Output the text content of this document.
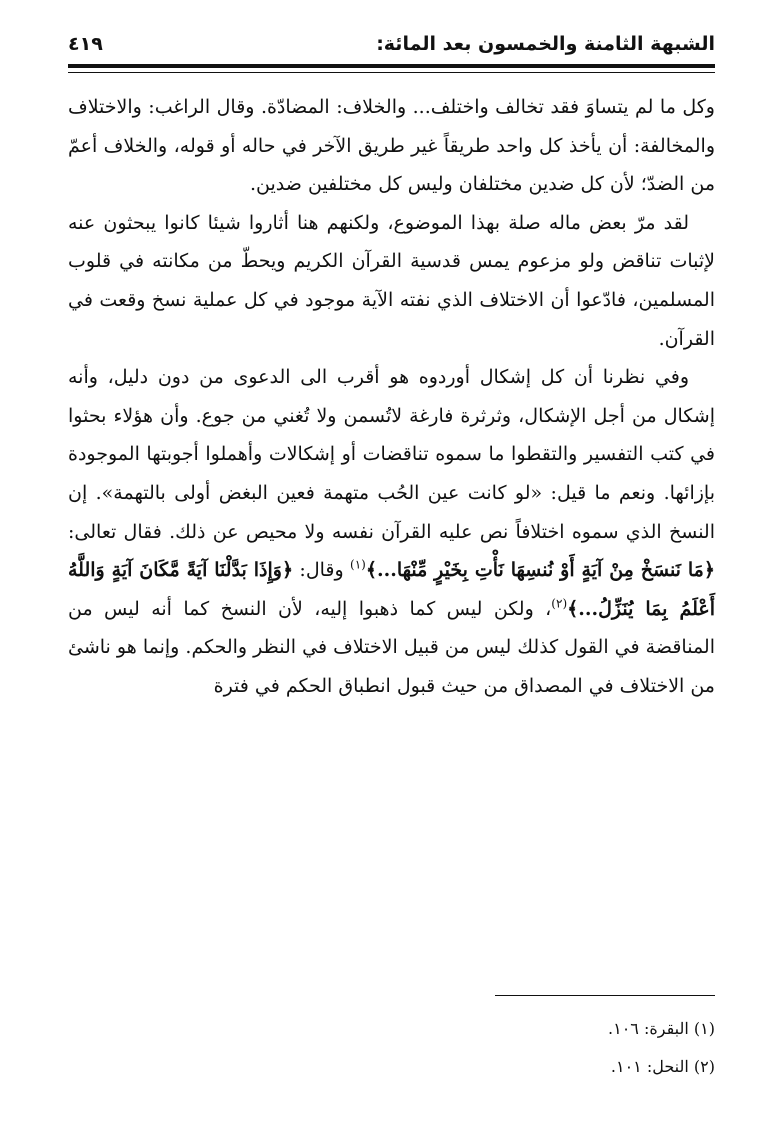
الشبهة الثامنة والخمسون بعد المائة:
٤١٩

وكل ما لم يتساوَ فقد تخالف واختلف... والخلاف: المضادّة. وقال الراغب: والاختلاف والمخالفة: أن يأخذ كل واحد طريقاً غير طريق الآخر في حاله أو قوله، والخلاف أعمّ من الضدّ؛ لأن كل ضدين مختلفان وليس كل مختلفين ضدين.

لقد مرّ بعض ماله صلة بهذا الموضوع، ولكنهم هنا أثاروا شيئا كانوا يبحثون عنه لإثبات تناقض ولو مزعوم يمس قدسية القرآن الكريم ويحطّ من مكانته في قلوب المسلمين، فادّعوا أن الاختلاف الذي نفته الآية موجود في كل عملية نسخ وقعت في القرآن.

وفي نظرنا أن كل إشكال أوردوه هو أقرب الى الدعوى من دون دليل، وأنه إشكال من أجل الإشكال، وثرثرة فارغة لاتُسمن ولا تُغني من جوع. وأن هؤلاء بحثوا في كتب التفسير والتقطوا ما سموه تناقضات أو إشكالات وأهملوا أجوبتها الموجودة بإزائها. ونعم ما قيل: «لو كانت عين الحُب متهمة فعين البغض أولى بالتهمة». إن النسخ الذي سموه اختلافاً نص عليه القرآن نفسه ولا محيص عن ذلك. فقال تعالى: ﴿مَا نَنسَخْ مِنْ آيَةٍ أَوْ نُنسِهَا نَأْتِ بِخَيْرٍ مِّنْهَا...﴾$^{(١)}$ وقال: ﴿وَإِذَا بَدَّلْنَا آيَةً مَّكَانَ آيَةٍ وَاللَّهُ أَعْلَمُ بِمَا يُنَزِّلُ...﴾$^{(٢)}$، ولكن ليس كما ذهبوا إليه، لأن النسخ كما أنه ليس من المناقضة في القول كذلك ليس من قبيل الاختلاف في النظر والحكم. وإنما هو ناشئ من الاختلاف في المصداق من حيث قبول انطباق الحكم في فترة

(١) البقرة: ١٠٦.

(٢) النحل: ١٠١.
